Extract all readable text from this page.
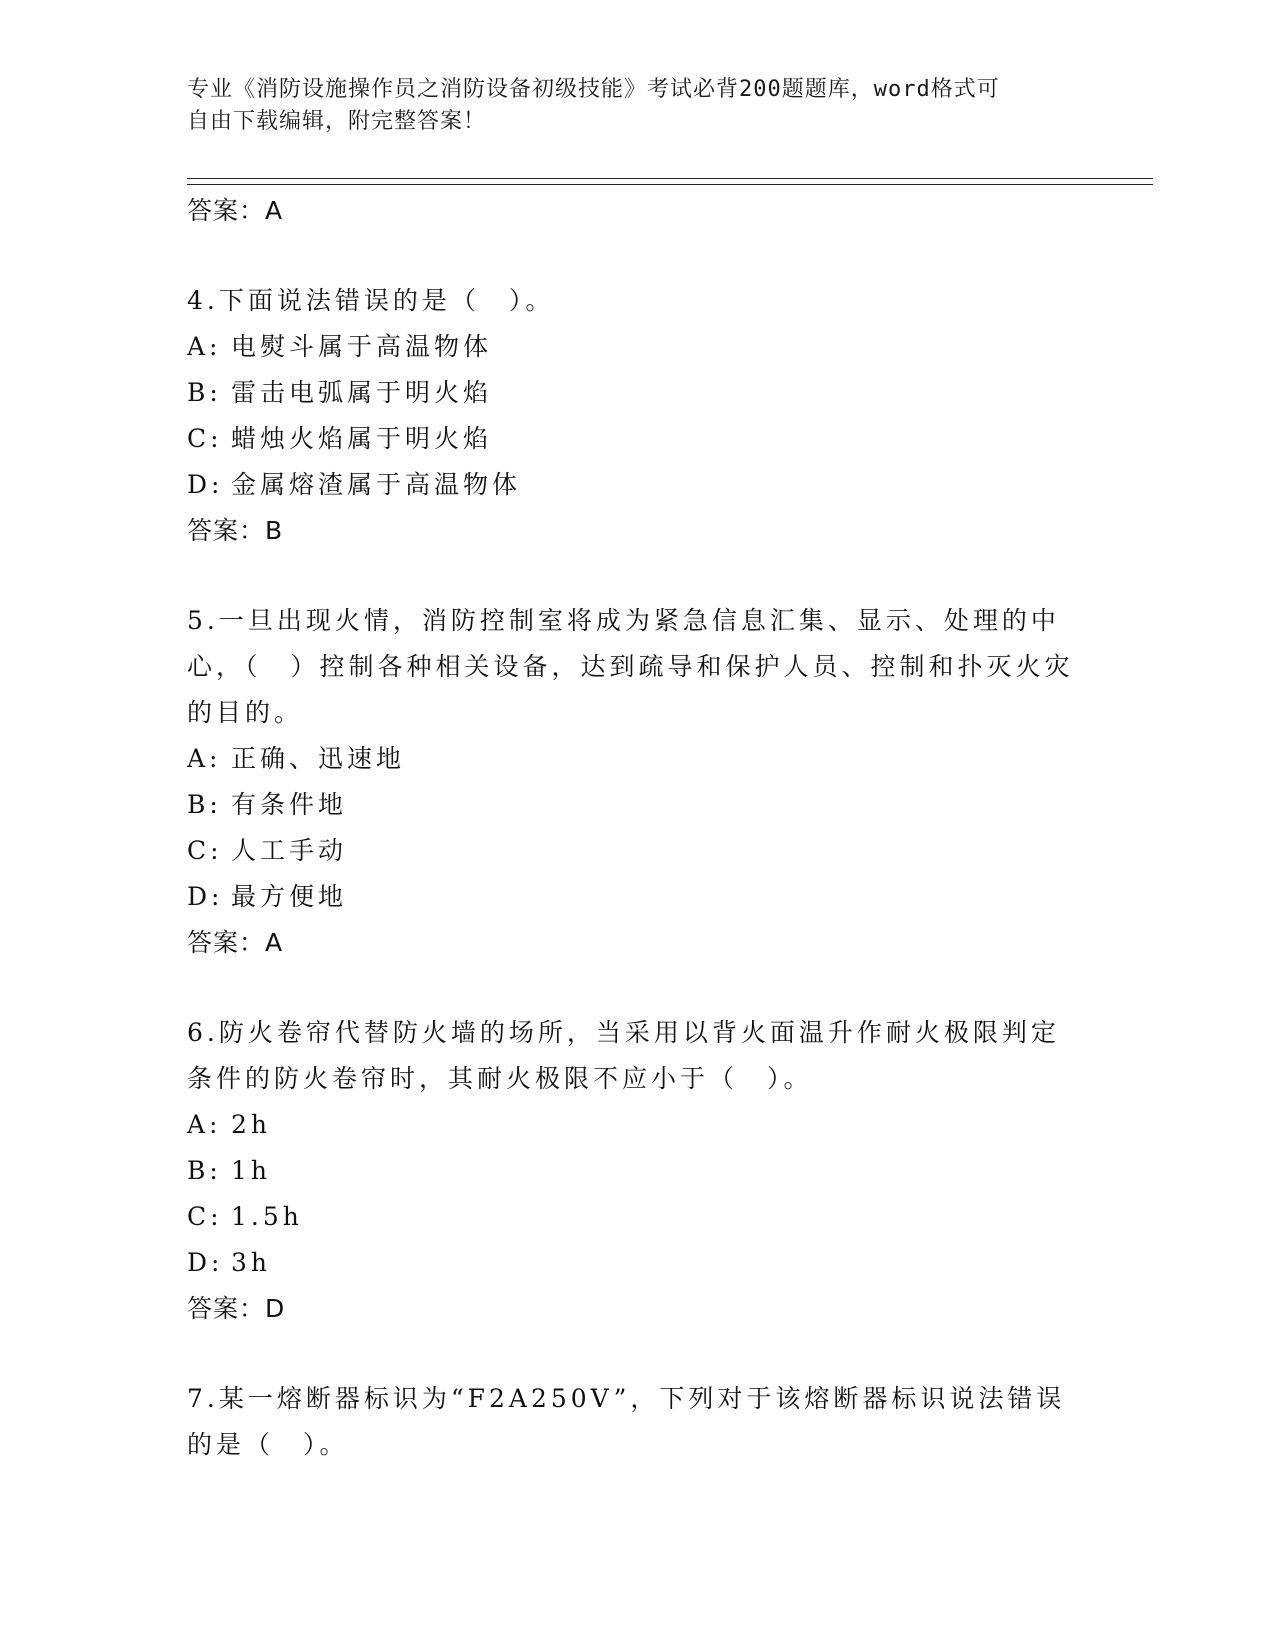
专业《消防设施操作员之消防设备初级技能》考试必背200题题库，word格式可
自由下载编辑，附完整答案！
答案：A
4.下面说法错误的是（　）。
A: 电熨斗属于高温物体
B: 雷击电弧属于明火焰
C: 蜡烛火焰属于明火焰
D: 金属熔渣属于高温物体
答案：B
5.一旦出现火情，消防控制室将成为紧急信息汇集、显示、处理的中心，（　）控制各种相关设备，达到疏导和保护人员、控制和扑灭火灾的目的。
A: 正确、迅速地
B: 有条件地
C: 人工手动
D: 最方便地
答案：A
6.防火卷帘代替防火墙的场所，当采用以背火面温升作耐火极限判定条件的防火卷帘时，其耐火极限不应小于（　）。
A: 2h
B: 1h
C: 1.5h
D: 3h
答案：D
7.某一熔断器标识为“F2A250V”，下列对于该熔断器标识说法错误的是（　）。
